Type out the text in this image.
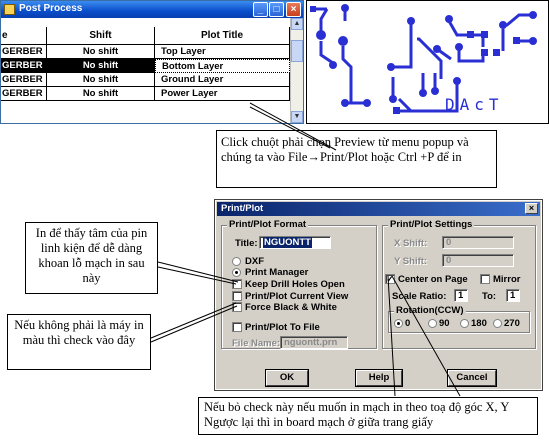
Post Process	_	□	×
e	Shift	Plot Title
GERBER	No shift	Top Layer
GERBER	No shift	Bottom Layer
GERBER	No shift	Ground Layer
GERBER	No shift	Power Layer
▲
▼
DAcT
Click chuột phải chọn Preview từ menu popup và chúng ta vào File→Print/Plot hoặc Ctrl +P để in
In để thấy tâm của pin linh kiện để dễ dàng khoan lỗ mạch in sau này
Nếu không phải là máy in màu thì check vào đây
Print/Plot	×
Print/Plot Format
Title: NGUONTT
DXF
Print Manager
Keep Drill Holes Open
Print/Plot Current View
Force Black & White
Print/Plot To File
File Name: nguontt.prn
Print/Plot Settings
X Shift:	0
Y Shift:	0
✓ Center on Page	Mirror
Scale Ratio:	1	To:	1
Rotation(CCW)
0	90 180 270
OK	Help	Cancel
Nếu bỏ check này nếu muốn in mạch in theo toạ độ góc X, Y Ngược lại thì in board mạch ở giữa trang giấy
